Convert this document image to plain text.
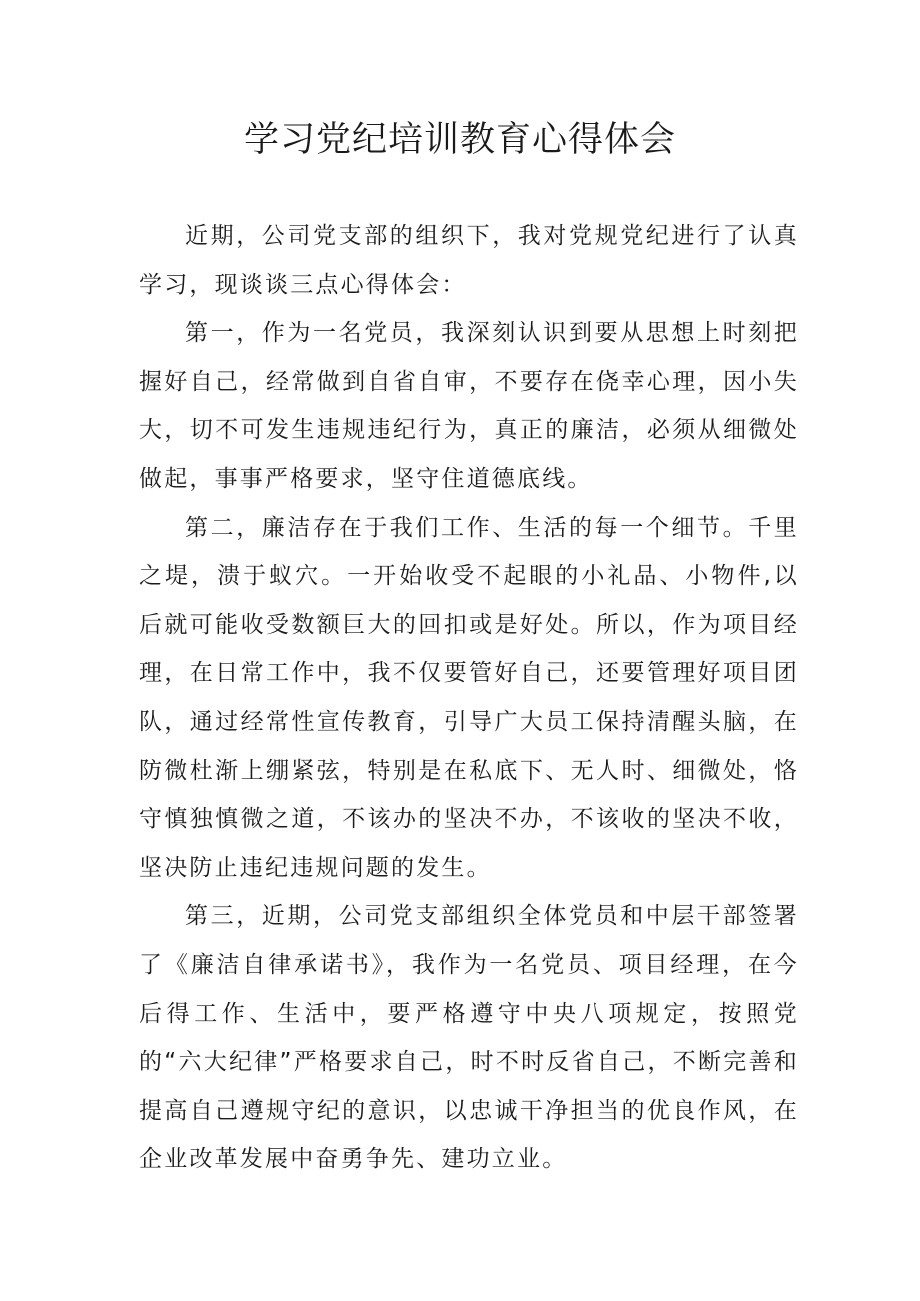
学习党纪培训教育心得体会

近期，公司党支部的组织下，我对党规党纪进行了认真学习，现谈谈三点心得体会：

第一，作为一名党员，我深刻认识到要从思想上时刻把握好自己，经常做到自省自审，不要存在侥幸心理，因小失大，切不可发生违规违纪行为，真正的廉洁，必须从细微处做起，事事严格要求，坚守住道德底线。

第二，廉洁存在于我们工作、生活的每一个细节。千里之堤，溃于蚁穴。一开始收受不起眼的小礼品、小物件,以后就可能收受数额巨大的回扣或是好处。所以，作为项目经理，在日常工作中，我不仅要管好自己，还要管理好项目团队，通过经常性宣传教育，引导广大员工保持清醒头脑，在防微杜渐上绷紧弦，特别是在私底下、无人时、细微处，恪守慎独慎微之道，不该办的坚决不办，不该收的坚决不收，坚决防止违纪违规问题的发生。

第三，近期，公司党支部组织全体党员和中层干部签署了《廉洁自律承诺书》，我作为一名党员、项目经理，在今后得工作、生活中，要严格遵守中央八项规定，按照党的“六大纪律”严格要求自己，时不时反省自己，不断完善和提高自己遵规守纪的意识，以忠诚干净担当的优良作风，在企业改革发展中奋勇争先、建功立业。
